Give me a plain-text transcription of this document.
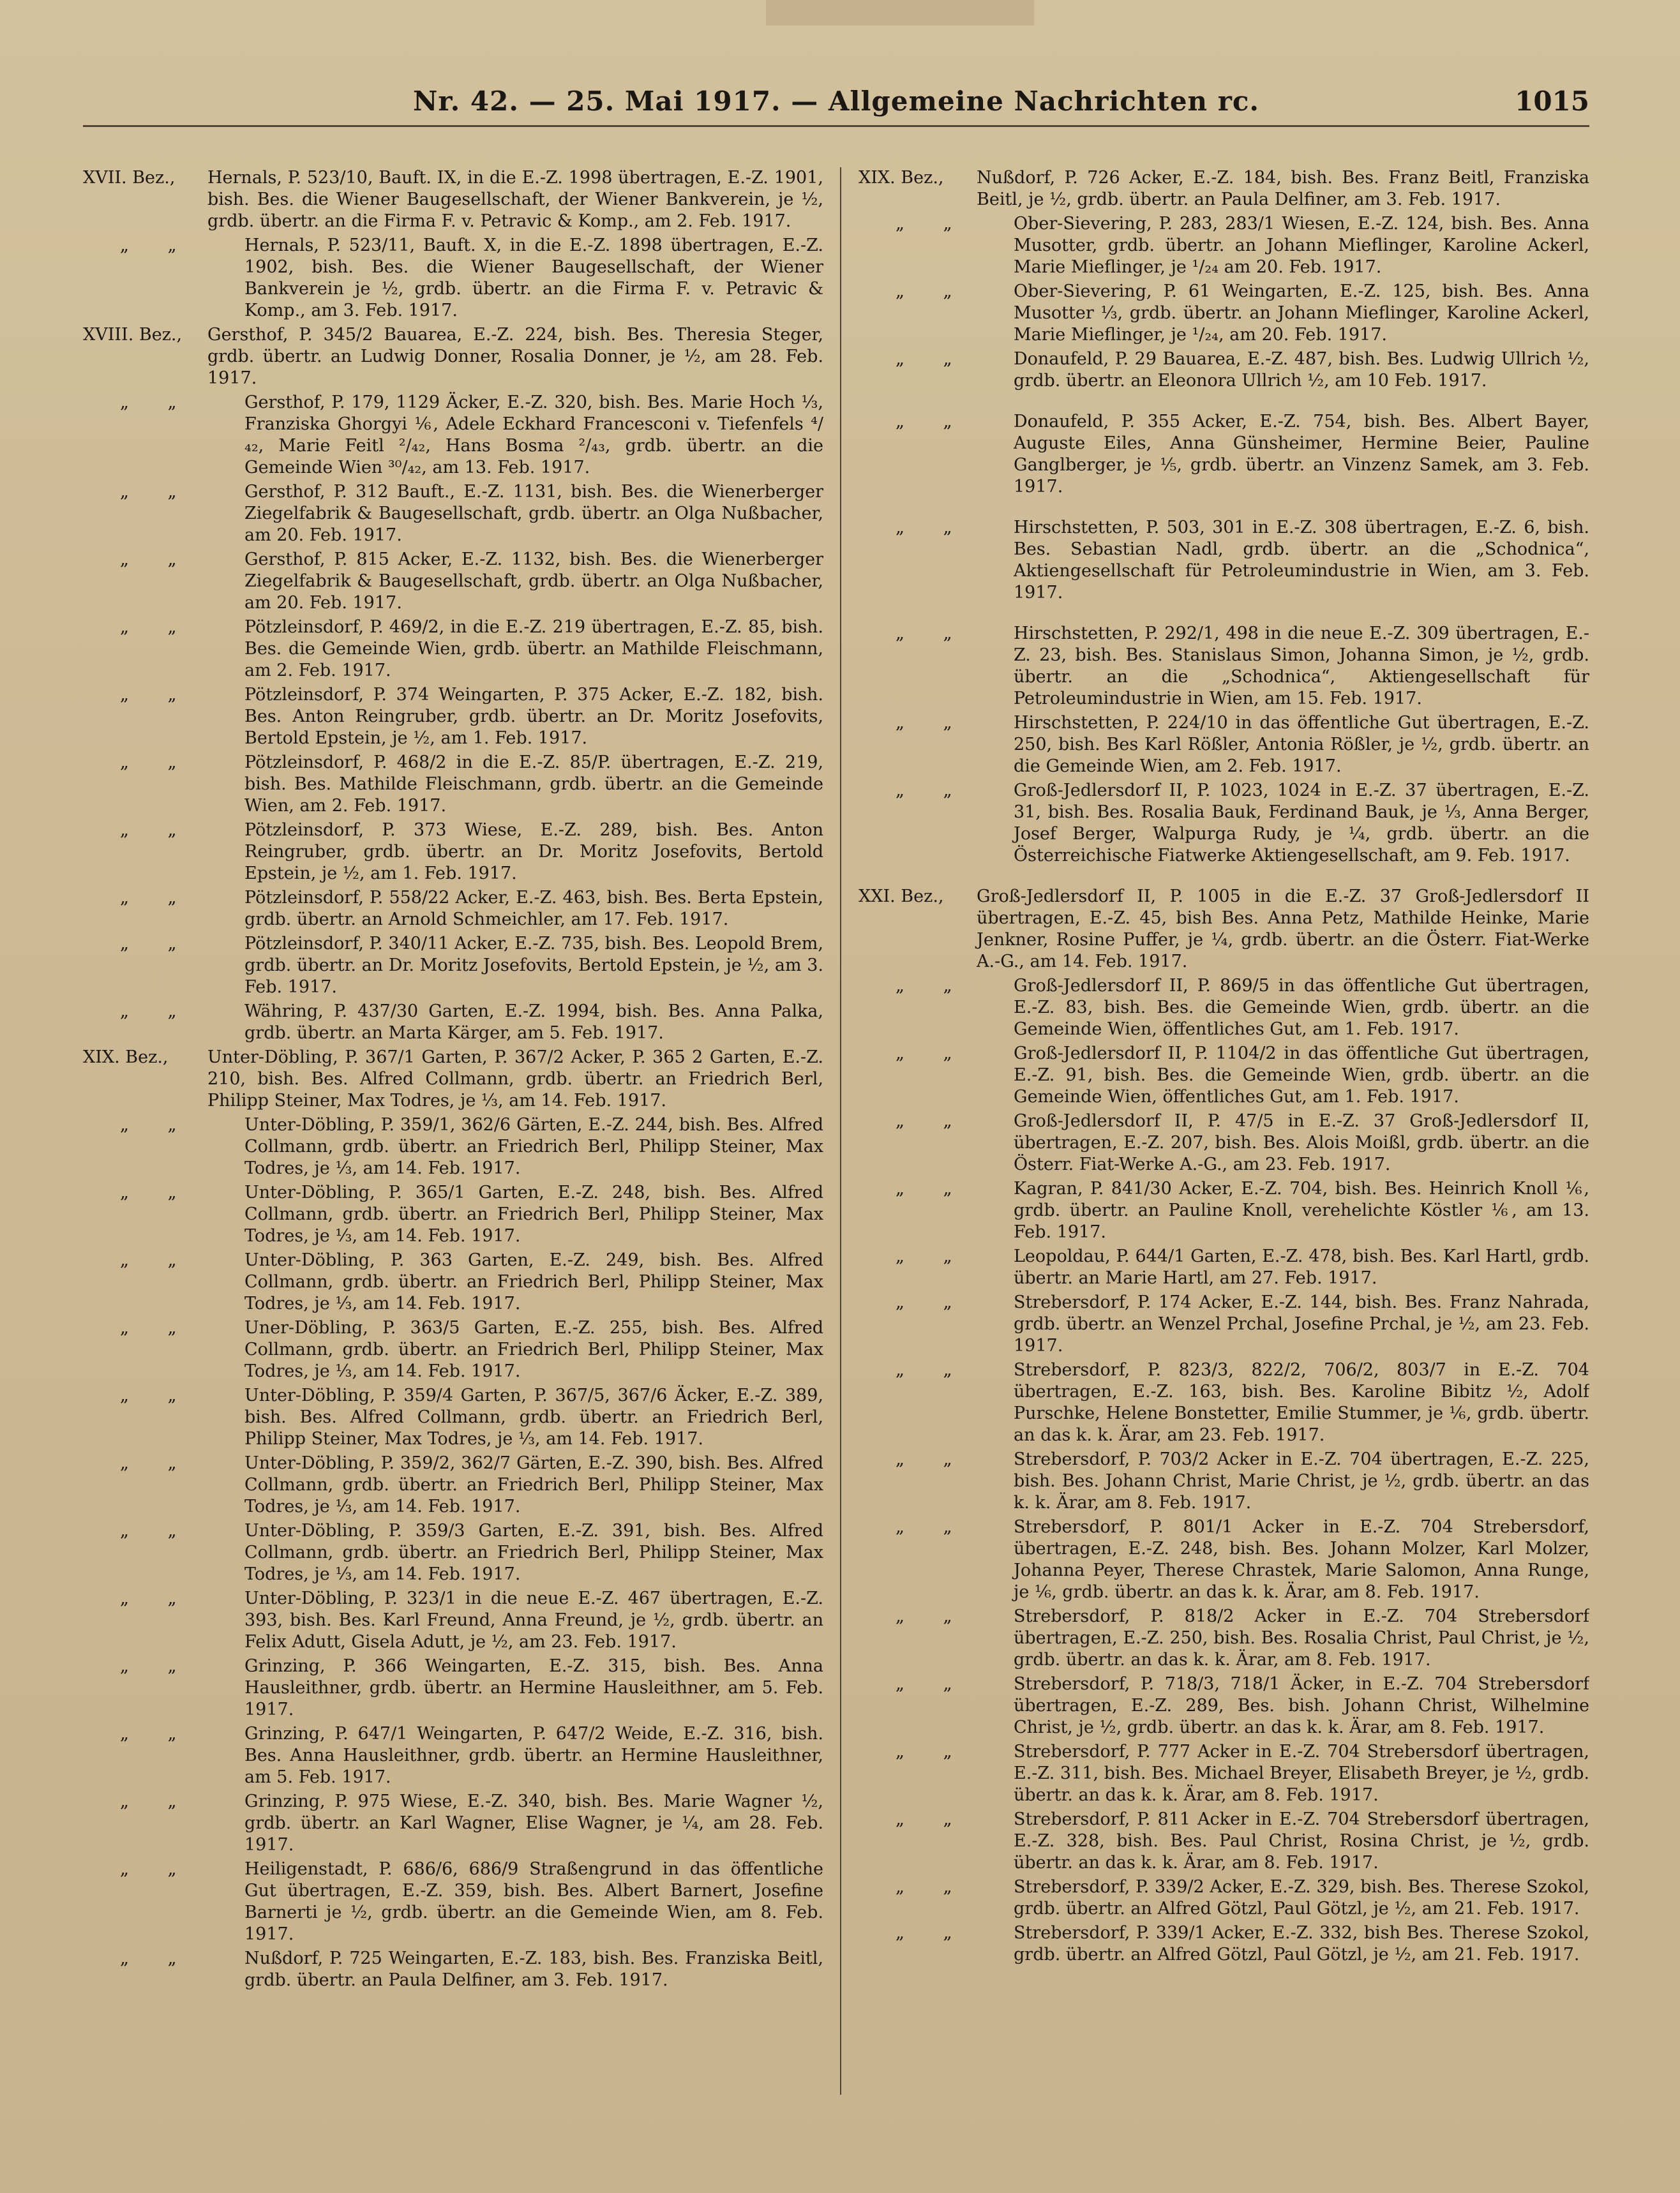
Nr. 42. — 25. Mai 1917. — Allgemeine Nachrichten rc.	1015
XVII. Bez.,	Hernals, P. 523/10, Bauft. IX, in die E.-Z. 1998 übertragen, E.-Z. 1901, bish. Bes. die Wiener Baugesellschaft, der Wiener Bankverein, je ½, grdb. übertr. an die Firma F. v. Petravic & Komp., am 2. Feb. 1917.
„ „	Hernals, P. 523/11, Bauft. X, in die E.-Z. 1898 übertragen, E.-Z. 1902, bish. Bes. die Wiener Baugesellschaft, der Wiener Bankverein je ½, grdb. übertr. an die Firma F. v. Petravic & Komp., am 3. Feb. 1917.
XVIII. Bez.,	Gersthof, P. 345/2 Bauarea, E.-Z. 224, bish. Bes. Theresia Steger, grdb. übertr. an Ludwig Donner, Rosalia Donner, je ½, am 28. Feb. 1917.
„ „	Gersthof, P. 179, 1129 Äcker, E.-Z. 320, bish. Bes. Marie Hoch ⅓, Franziska Ghorgyi ⅙, Adele Eckhard Francesconi v. Tiefenfels ⁴/₄₂, Marie Feitl ²/₄₂, Hans Bosma ²/₄₃, grdb. übertr. an die Gemeinde Wien ³⁰/₄₂, am 13. Feb. 1917.
„ „	Gersthof, P. 312 Bauft., E.-Z. 1131, bish. Bes. die Wienerberger Ziegelfabrik & Baugesellschaft, grdb. übertr. an Olga Nußbacher, am 20. Feb. 1917.
„ „	Gersthof, P. 815 Acker, E.-Z. 1132, bish. Bes. die Wienerberger Ziegelfabrik & Baugesellschaft, grdb. übertr. an Olga Nußbacher, am 20. Feb. 1917.
„ „	Pötzleinsdorf, P. 469/2, in die E.-Z. 219 übertragen, E.-Z. 85, bish. Bes. die Gemeinde Wien, grdb. übertr. an Mathilde Fleischmann, am 2. Feb. 1917.
„ „	Pötzleinsdorf, P. 374 Weingarten, P. 375 Acker, E.-Z. 182, bish. Bes. Anton Reingruber, grdb. übertr. an Dr. Moritz Josefovits, Bertold Epstein, je ½, am 1. Feb. 1917.
„ „	Pötzleinsdorf, P. 468/2 in die E.-Z. 85/P. übertragen, E.-Z. 219, bish. Bes. Mathilde Fleischmann, grdb. übertr. an die Gemeinde Wien, am 2. Feb. 1917.
„ „	Pötzleinsdorf, P. 373 Wiese, E.-Z. 289, bish. Bes. Anton Reingruber, grdb. übertr. an Dr. Moritz Josefovits, Bertold Epstein, je ½, am 1. Feb. 1917.
„ „	Pötzleinsdorf, P. 558/22 Acker, E.-Z. 463, bish. Bes. Berta Epstein, grdb. übertr. an Arnold Schmeichler, am 17. Feb. 1917.
„ „	Pötzleinsdorf, P. 340/11 Acker, E.-Z. 735, bish. Bes. Leopold Brem, grdb. übertr. an Dr. Moritz Josefovits, Bertold Epstein, je ½, am 3. Feb. 1917.
„ „	Währing, P. 437/30 Garten, E.-Z. 1994, bish. Bes. Anna Palka, grdb. übertr. an Marta Kärger, am 5. Feb. 1917.
XIX. Bez.,	Unter-Döbling, P. 367/1 Garten, P. 367/2 Acker, P. 365 2 Garten, E.-Z. 210, bish. Bes. Alfred Collmann, grdb. übertr. an Friedrich Berl, Philipp Steiner, Max Todres, je ⅓, am 14. Feb. 1917.
„ „	Unter-Döbling, P. 359/1, 362/6 Gärten, E.-Z. 244, bish. Bes. Alfred Collmann, grdb. übertr. an Friedrich Berl, Philipp Steiner, Max Todres, je ⅓, am 14. Feb. 1917.
„ „	Unter-Döbling, P. 365/1 Garten, E.-Z. 248, bish. Bes. Alfred Collmann, grdb. übertr. an Friedrich Berl, Philipp Steiner, Max Todres, je ⅓, am 14. Feb. 1917.
„ „	Unter-Döbling, P. 363 Garten, E.-Z. 249, bish. Bes. Alfred Collmann, grdb. übertr. an Friedrich Berl, Philipp Steiner, Max Todres, je ⅓, am 14. Feb. 1917.
„ „	Uner-Döbling, P. 363/5 Garten, E.-Z. 255, bish. Bes. Alfred Collmann, grdb. übertr. an Friedrich Berl, Philipp Steiner, Max Todres, je ⅓, am 14. Feb. 1917.
„ „	Unter-Döbling, P. 359/4 Garten, P. 367/5, 367/6 Äcker, E.-Z. 389, bish. Bes. Alfred Collmann, grdb. übertr. an Friedrich Berl, Philipp Steiner, Max Todres, je ⅓, am 14. Feb. 1917.
„ „	Unter-Döbling, P. 359/2, 362/7 Gärten, E.-Z. 390, bish. Bes. Alfred Collmann, grdb. übertr. an Friedrich Berl, Philipp Steiner, Max Todres, je ⅓, am 14. Feb. 1917.
„ „	Unter-Döbling, P. 359/3 Garten, E.-Z. 391, bish. Bes. Alfred Collmann, grdb. übertr. an Friedrich Berl, Philipp Steiner, Max Todres, je ⅓, am 14. Feb. 1917.
„ „	Unter-Döbling, P. 323/1 in die neue E.-Z. 467 übertragen, E.-Z. 393, bish. Bes. Karl Freund, Anna Freund, je ½, grdb. übertr. an Felix Adutt, Gisela Adutt, je ½, am 23. Feb. 1917.
„ „	Grinzing, P. 366 Weingarten, E.-Z. 315, bish. Bes. Anna Hausleithner, grdb. übertr. an Hermine Hausleithner, am 5. Feb. 1917.
„ „	Grinzing, P. 647/1 Weingarten, P. 647/2 Weide, E.-Z. 316, bish. Bes. Anna Hausleithner, grdb. übertr. an Hermine Hausleithner, am 5. Feb. 1917.
„ „	Grinzing, P. 975 Wiese, E.-Z. 340, bish. Bes. Marie Wagner ½, grdb. übertr. an Karl Wagner, Elise Wagner, je ¼, am 28. Feb. 1917.
„ „	Heiligenstadt, P. 686/6, 686/9 Straßengrund in das öffentliche Gut übertragen, E.-Z. 359, bish. Bes. Albert Barnert, Josefine Barnerti je ½, grdb. übertr. an die Gemeinde Wien, am 8. Feb. 1917.
„ „	Nußdorf, P. 725 Weingarten, E.-Z. 183, bish. Bes. Franziska Beitl, grdb. übertr. an Paula Delfiner, am 3. Feb. 1917.
XIX. Bez.,	Nußdorf, P. 726 Acker, E.-Z. 184, bish. Bes. Franz Beitl, Franziska Beitl, je ½, grdb. übertr. an Paula Delfiner, am 3. Feb. 1917.
„ „	Ober-Sievering, P. 283, 283/1 Wiesen, E.-Z. 124, bish. Bes. Anna Musotter, grdb. übertr. an Johann Mieflinger, Karoline Ackerl, Marie Mieflinger, je ¹/₂₄ am 20. Feb. 1917.
„ „	Ober-Sievering, P. 61 Weingarten, E.-Z. 125, bish. Bes. Anna Musotter ⅓, grdb. übertr. an Johann Mieflinger, Karoline Ackerl, Marie Mieflinger, je ¹/₂₄, am 20. Feb. 1917.
„ „	Donaufeld, P. 29 Bauarea, E.-Z. 487, bish. Bes. Ludwig Ullrich ½, grdb. übertr. an Eleonora Ullrich ½, am 10 Feb. 1917.
„ „	Donaufeld, P. 355 Acker, E.-Z. 754, bish. Bes. Albert Bayer, Auguste Eiles, Anna Günsheimer, Hermine Beier, Pauline Ganglberger, je ⅕, grdb. übertr. an Vinzenz Samek, am 3. Feb. 1917.
„ „	Hirschstetten, P. 503, 301 in E.-Z. 308 übertragen, E.-Z. 6, bish. Bes. Sebastian Nadl, grdb. übertr. an die „Schodnica“, Aktiengesellschaft für Petroleumindustrie in Wien, am 3. Feb. 1917.
„ „	Hirschstetten, P. 292/1, 498 in die neue E.-Z. 309 übertragen, E.-Z. 23, bish. Bes. Stanislaus Simon, Johanna Simon, je ½, grdb. übertr. an die „Schodnica“, Aktiengesellschaft für Petroleumindustrie in Wien, am 15. Feb. 1917.
„ „	Hirschstetten, P. 224/10 in das öffentliche Gut übertragen, E.-Z. 250, bish. Bes Karl Rößler, Antonia Rößler, je ½, grdb. übertr. an die Gemeinde Wien, am 2. Feb. 1917.
„ „	Groß-Jedlersdorf II, P. 1023, 1024 in E.-Z. 37 übertragen, E.-Z. 31, bish. Bes. Rosalia Bauk, Ferdinand Bauk, je ⅓, Anna Berger, Josef Berger, Walpurga Rudy, je ¼, grdb. übertr. an die Österreichische Fiatwerke Aktiengesellschaft, am 9. Feb. 1917.
XXI. Bez.,	Groß-Jedlersdorf II, P. 1005 in die E.-Z. 37 Groß-Jedlersdorf II übertragen, E.-Z. 45, bish Bes. Anna Petz, Mathilde Heinke, Marie Jenkner, Rosine Puffer, je ¼, grdb. übertr. an die Österr. Fiat-Werke A.-G., am 14. Feb. 1917.
„ „	Groß-Jedlersdorf II, P. 869/5 in das öffentliche Gut übertragen, E.-Z. 83, bish. Bes. die Gemeinde Wien, grdb. übertr. an die Gemeinde Wien, öffentliches Gut, am 1. Feb. 1917.
„ „	Groß-Jedlersdorf II, P. 1104/2 in das öffentliche Gut übertragen, E.-Z. 91, bish. Bes. die Gemeinde Wien, grdb. übertr. an die Gemeinde Wien, öffentliches Gut, am 1. Feb. 1917.
„ „	Groß-Jedlersdorf II, P. 47/5 in E.-Z. 37 Groß-Jedlersdorf II, übertragen, E.-Z. 207, bish. Bes. Alois Moißl, grdb. übertr. an die Österr. Fiat-Werke A.-G., am 23. Feb. 1917.
„ „	Kagran, P. 841/30 Acker, E.-Z. 704, bish. Bes. Heinrich Knoll ⅙, grdb. übertr. an Pauline Knoll, verehelichte Köstler ⅙, am 13. Feb. 1917.
„ „	Leopoldau, P. 644/1 Garten, E.-Z. 478, bish. Bes. Karl Hartl, grdb. übertr. an Marie Hartl, am 27. Feb. 1917.
„ „	Strebersdorf, P. 174 Acker, E.-Z. 144, bish. Bes. Franz Nahrada, grdb. übertr. an Wenzel Prchal, Josefine Prchal, je ½, am 23. Feb. 1917.
„ „	Strebersdorf, P. 823/3, 822/2, 706/2, 803/7 in E.-Z. 704 übertragen, E.-Z. 163, bish. Bes. Karoline Bibitz ½, Adolf Purschke, Helene Bonstetter, Emilie Stummer, je ⅙, grdb. übertr. an das k. k. Ärar, am 23. Feb. 1917.
„ „	Strebersdorf, P. 703/2 Acker in E.-Z. 704 übertragen, E.-Z. 225, bish. Bes. Johann Christ, Marie Christ, je ½, grdb. übertr. an das k. k. Ärar, am 8. Feb. 1917.
„ „	Strebersdorf, P. 801/1 Acker in E.-Z. 704 Strebersdorf, übertragen, E.-Z. 248, bish. Bes. Johann Molzer, Karl Molzer, Johanna Peyer, Therese Chrastek, Marie Salomon, Anna Runge, je ⅙, grdb. übertr. an das k. k. Ärar, am 8. Feb. 1917.
„ „	Strebersdorf, P. 818/2 Acker in E.-Z. 704 Strebersdorf übertragen, E.-Z. 250, bish. Bes. Rosalia Christ, Paul Christ, je ½, grdb. übertr. an das k. k. Ärar, am 8. Feb. 1917.
„ „	Strebersdorf, P. 718/3, 718/1 Äcker, in E.-Z. 704 Strebersdorf übertragen, E.-Z. 289, Bes. bish. Johann Christ, Wilhelmine Christ, je ½, grdb. übertr. an das k. k. Ärar, am 8. Feb. 1917.
„ „	Strebersdorf, P. 777 Acker in E.-Z. 704 Strebersdorf übertragen, E.-Z. 311, bish. Bes. Michael Breyer, Elisabeth Breyer, je ½, grdb. übertr. an das k. k. Ärar, am 8. Feb. 1917.
„ „	Strebersdorf, P. 811 Acker in E.-Z. 704 Strebersdorf übertragen, E.-Z. 328, bish. Bes. Paul Christ, Rosina Christ, je ½, grdb. übertr. an das k. k. Ärar, am 8. Feb. 1917.
„ „	Strebersdorf, P. 339/2 Acker, E.-Z. 329, bish. Bes. Therese Szokol, grdb. übertr. an Alfred Götzl, Paul Götzl, je ½, am 21. Feb. 1917.
„ „	Strebersdorf, P. 339/1 Acker, E.-Z. 332, bish Bes. Therese Szokol, grdb. übertr. an Alfred Götzl, Paul Götzl, je ½, am 21. Feb. 1917.
